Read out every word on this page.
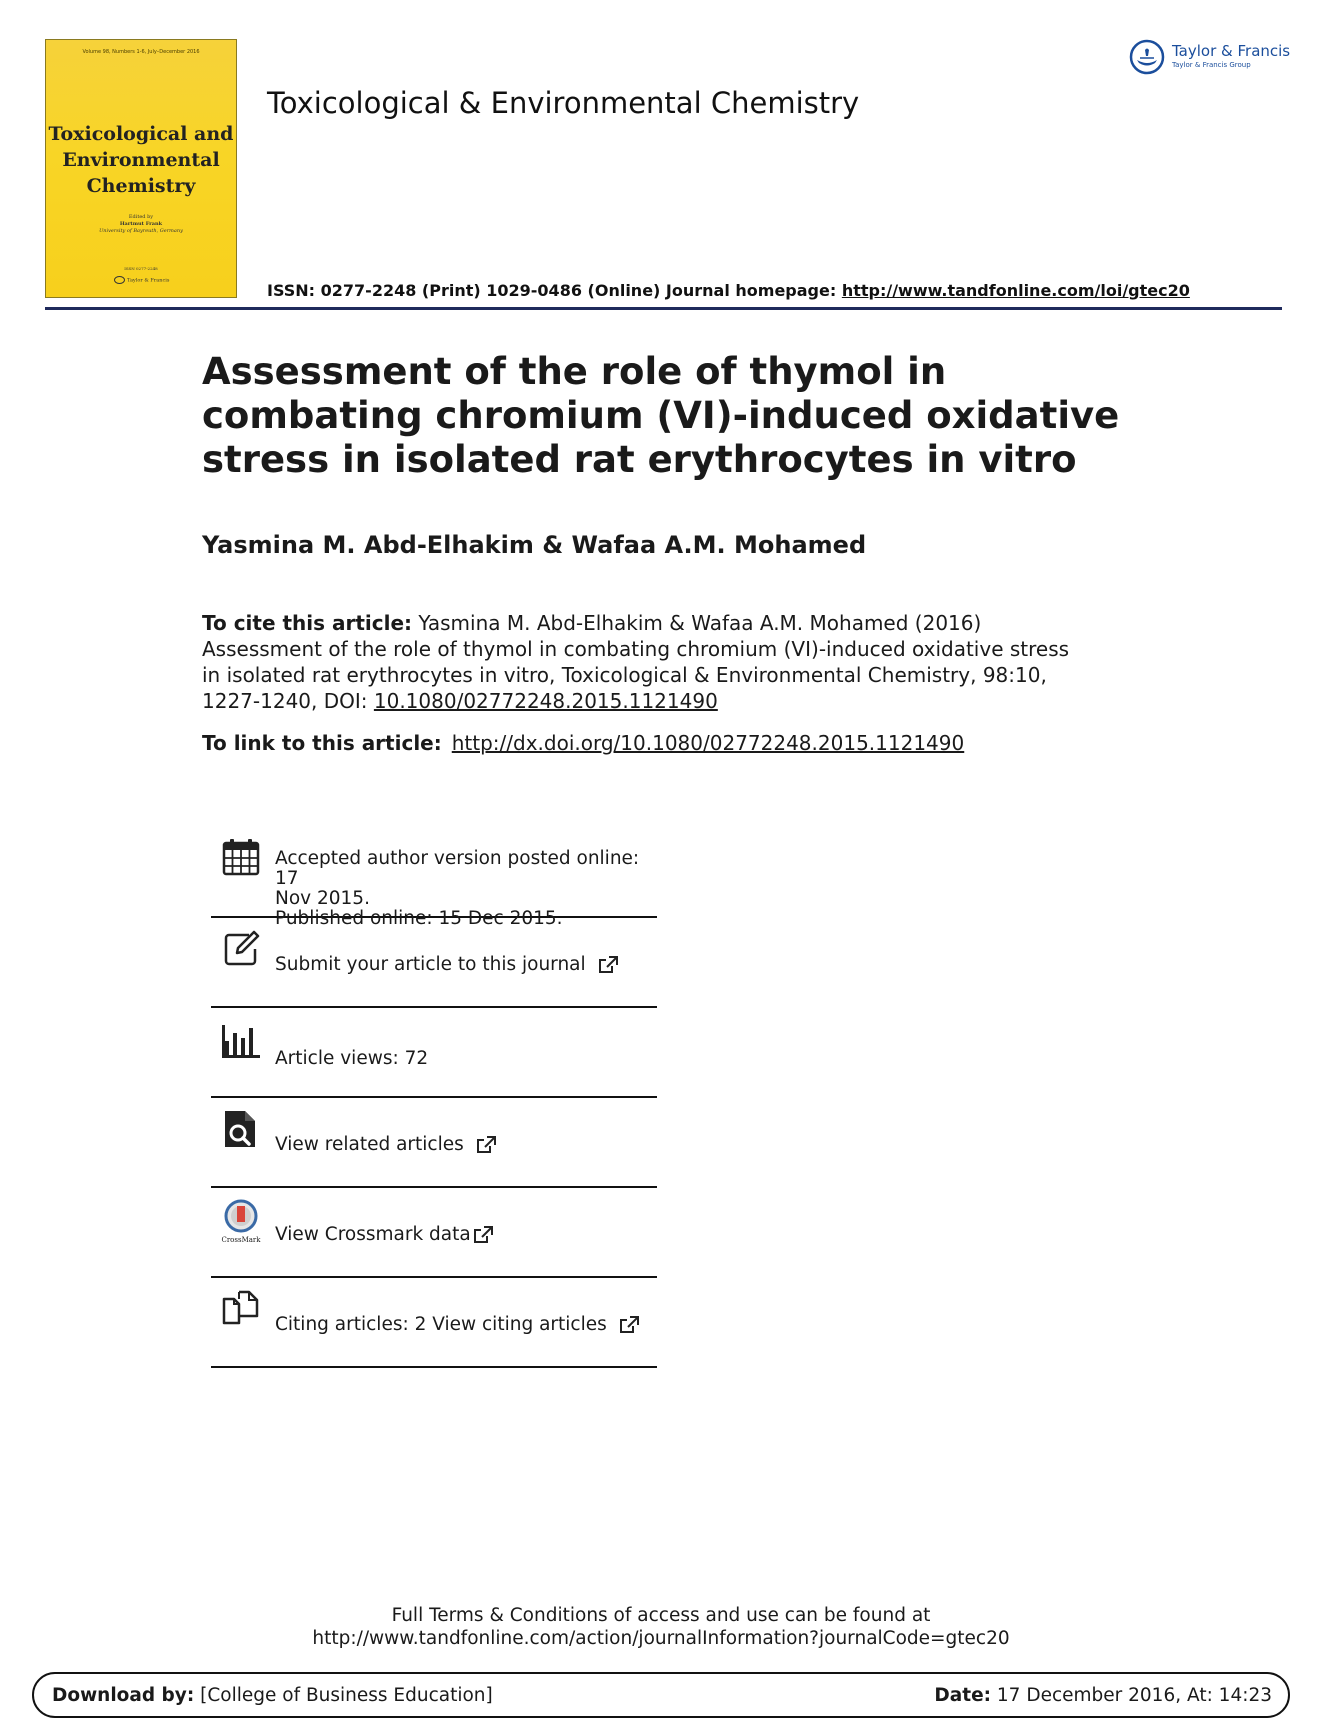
Volume 98, Numbers 1-6, July–December 2016
Toxicological and
Environmental
Chemistry
Edited by
Hartmut Frank
University of Bayreuth, Germany
ISSN 0277-2248
Taylor & Francis
Toxicological & Environmental Chemistry
ISSN: 0277-2248 (Print) 1029-0486 (Online) Journal homepage: http://www.tandfonline.com/loi/gtec20
Taylor & Francis
Taylor & Francis Group
Assessment of the role of thymol in combating chromium (VI)-induced oxidative stress in isolated rat erythrocytes in vitro
Yasmina M. Abd-Elhakim & Wafaa A.M. Mohamed
To cite this article: Yasmina M. Abd-Elhakim & Wafaa A.M. Mohamed (2016) Assessment of the role of thymol in combating chromium (VI)-induced oxidative stress in isolated rat erythrocytes in vitro, Toxicological & Environmental Chemistry, 98:10, 1227-1240, DOI: 10.1080/02772248.2015.1121490
To link to this article: http://dx.doi.org/10.1080/02772248.2015.1121490
Accepted author version posted online: 17
Nov 2015.
Published online: 15 Dec 2015.
Submit your article to this journal
Article views: 72
View related articles
CrossMark View Crossmark data
Citing articles: 2 View citing articles
Full Terms & Conditions of access and use can be found at
http://www.tandfonline.com/action/journalInformation?journalCode=gtec20
Download by: [College of Business Education]	Date: 17 December 2016, At: 14:23
